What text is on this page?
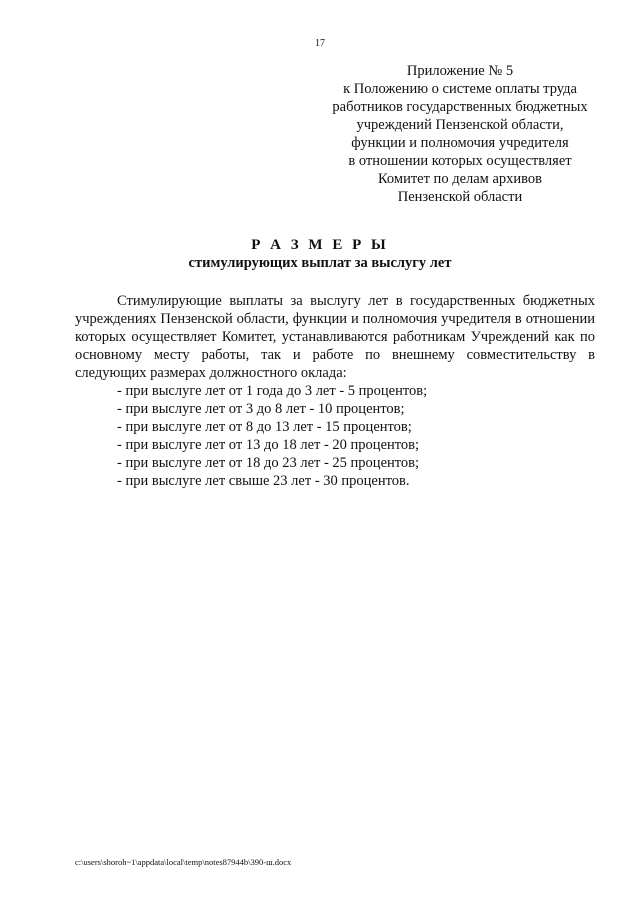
17
Приложение № 5
к Положению о системе оплаты труда
работников государственных бюджетных
учреждений Пензенской области,
функции и полномочия учредителя
в отношении которых осуществляет
Комитет по делам архивов
Пензенской области
Р А З М Е Р Ы
стимулирующих выплат за выслугу лет

Стимулирующие выплаты за выслугу лет в государственных бюджетных учреждениях Пензенской области, функции и полномочия учредителя в отношении которых осуществляет Комитет, устанавливаются работникам Учреждений как по основному месту работы, так и работе по внешнему совместительству в следующих размерах должностного оклада:

- при выслуге лет от 1 года до 3 лет - 5 процентов;
- при выслуге лет от 3 до 8 лет - 10 процентов;
- при выслуге лет от 8 до 13 лет - 15 процентов;
- при выслуге лет от 13 до 18 лет - 20 процентов;
- при выслуге лет от 18 до 23 лет - 25 процентов;
- при выслуге лет свыше 23 лет - 30 процентов.
c:\users\shoroh~1\appdata\local\temp\notes87944b\390-ш.docx
